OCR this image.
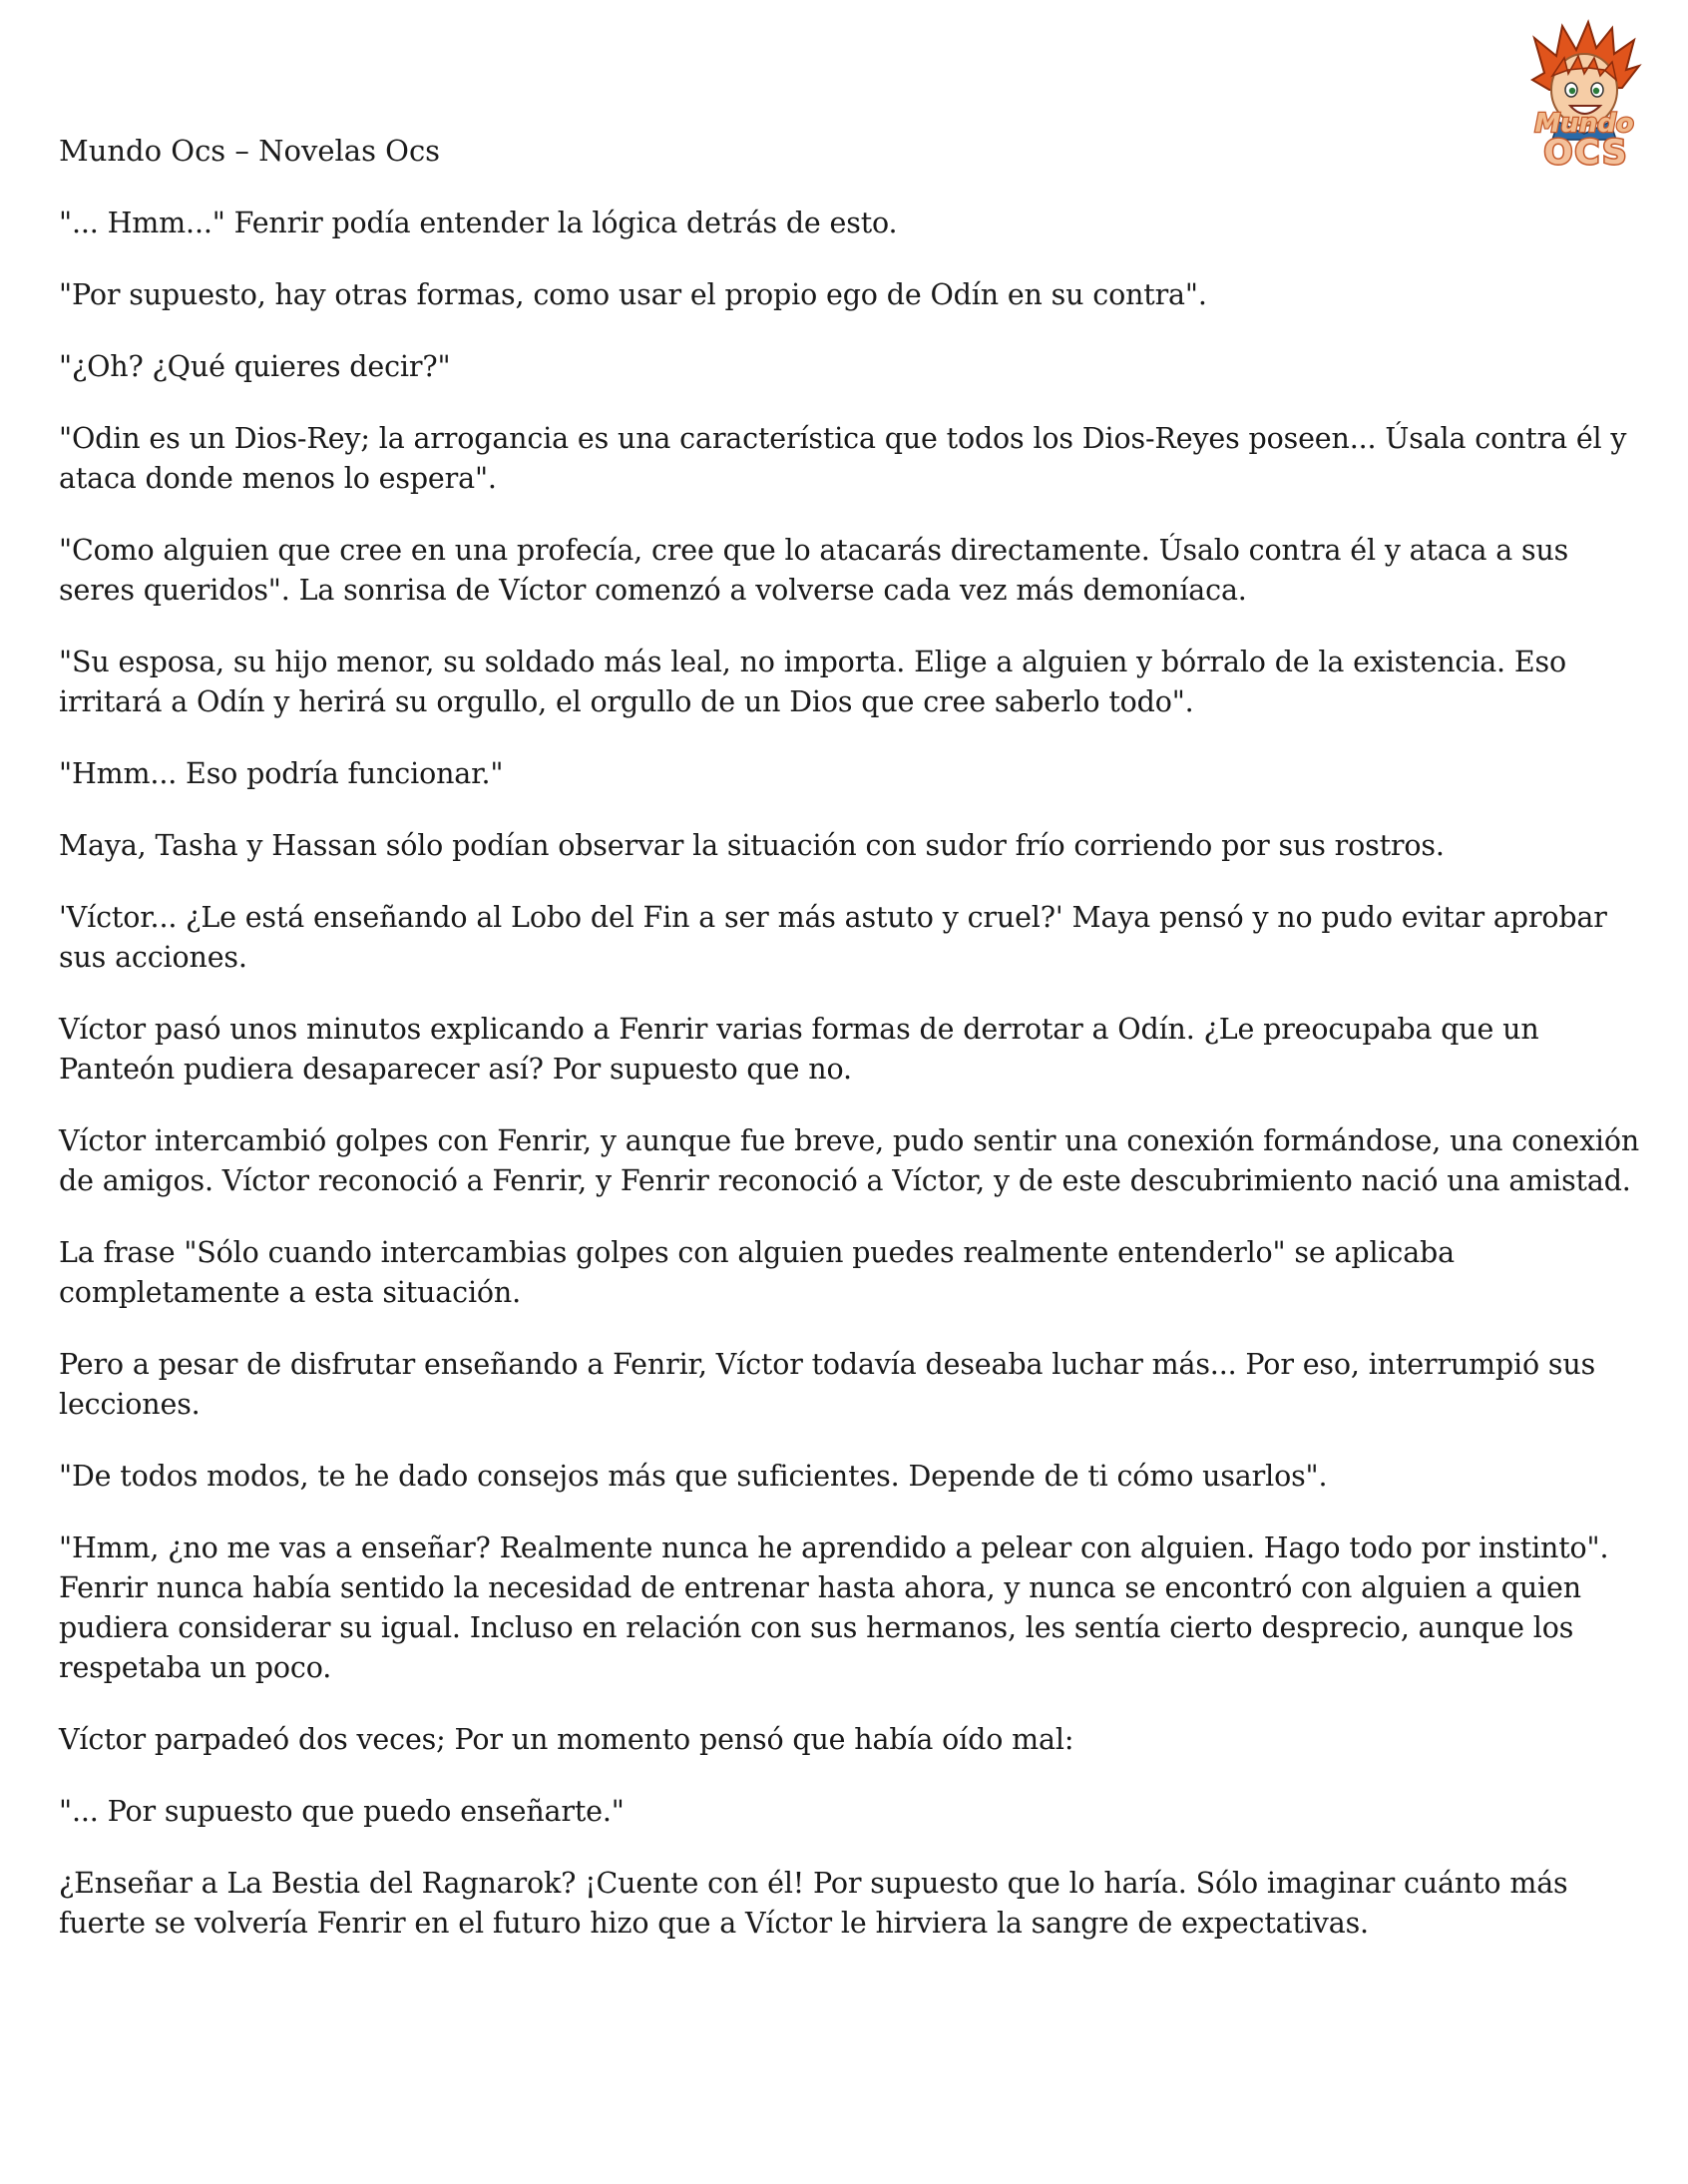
Mundo
OCS
Mundo Ocs – Novelas Ocs

"... Hmm..." Fenrir podía entender la lógica detrás de esto.

"Por supuesto, hay otras formas, como usar el propio ego de Odín en su contra".

"¿Oh? ¿Qué quieres decir?"

"Odin es un Dios-Rey; la arrogancia es una característica que todos los Dios-Reyes poseen... Úsala contra él y ataca donde menos lo espera".

"Como alguien que cree en una profecía, cree que lo atacarás directamente. Úsalo contra él y ataca a sus seres queridos". La sonrisa de Víctor comenzó a volverse cada vez más demoníaca.

"Su esposa, su hijo menor, su soldado más leal, no importa. Elige a alguien y bórralo de la existencia. Eso irritará a Odín y herirá su orgullo, el orgullo de un Dios que cree saberlo todo".

"Hmm... Eso podría funcionar."

Maya, Tasha y Hassan sólo podían observar la situación con sudor frío corriendo por sus rostros.

'Víctor... ¿Le está enseñando al Lobo del Fin a ser más astuto y cruel?' Maya pensó y no pudo evitar aprobar sus acciones.

Víctor pasó unos minutos explicando a Fenrir varias formas de derrotar a Odín. ¿Le preocupaba que un Panteón pudiera desaparecer así? Por supuesto que no.

Víctor intercambió golpes con Fenrir, y aunque fue breve, pudo sentir una conexión formándose, una conexión de amigos. Víctor reconoció a Fenrir, y Fenrir reconoció a Víctor, y de este descubrimiento nació una amistad.

La frase "Sólo cuando intercambias golpes con alguien puedes realmente entenderlo" se aplicaba completamente a esta situación.

Pero a pesar de disfrutar enseñando a Fenrir, Víctor todavía deseaba luchar más... Por eso, interrumpió sus lecciones.

"De todos modos, te he dado consejos más que suficientes. Depende de ti cómo usarlos".

"Hmm, ¿no me vas a enseñar? Realmente nunca he aprendido a pelear con alguien. Hago todo por instinto". Fenrir nunca había sentido la necesidad de entrenar hasta ahora, y nunca se encontró con alguien a quien pudiera considerar su igual. Incluso en relación con sus hermanos, les sentía cierto desprecio, aunque los respetaba un poco.

Víctor parpadeó dos veces; Por un momento pensó que había oído mal:

"... Por supuesto que puedo enseñarte."

¿Enseñar a La Bestia del Ragnarok? ¡Cuente con él! Por supuesto que lo haría. Sólo imaginar cuánto más fuerte se volvería Fenrir en el futuro hizo que a Víctor le hirviera la sangre de expectativas.
